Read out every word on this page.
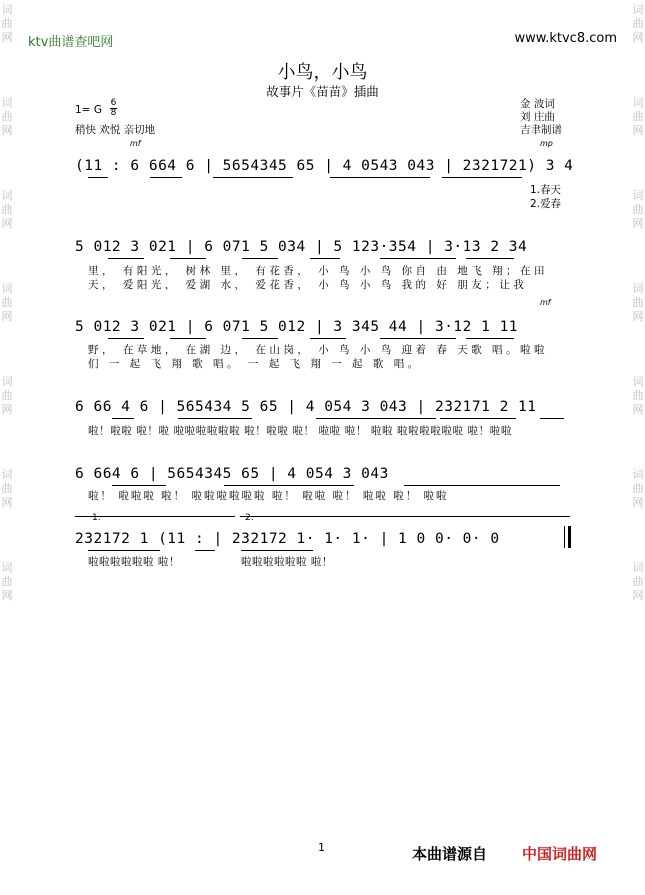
词
曲
网
词
曲
网
词
曲
网
词
曲
网
词
曲
网
词
曲
网
词
曲
网
词
曲
网
词
曲
网
词
曲
网
词
曲
网
词
曲
网
词
曲
网
词
曲
网
ktv曲谱查吧网	www.ktvc8.com
小鸟，小鸟
故事片《苗苗》插曲
1= G
6
8
稍快 欢悦 亲切地
mf
金 波词
刘 庄曲
吉聿制谱
mp
(11 : 6 664 6 | 5654345 65 | 4 0543 043 | 2321721) 3 4
1.春天
2.爱春
5 012 3 021 | 6 071 5 034 | 5 123·354 | 3·13 2 34
里， 有阳光， 树林 里， 有花香， 小 鸟 小 鸟 你自 由 地飞 翔；在田
天， 爱阳光， 爱湖 水， 爱花香， 小 鸟 小 鸟 我的 好 朋友；让我
mf
5 012 3 021 | 6 071 5 012 | 3 345 44 | 3·12 1 11
野， 在草地， 在湖 边， 在山岗， 小 鸟 小 鸟 迎着 春 天歌 唱。啦啦
们 一 起 飞 翔 歌 唱。 一 起 飞 翔 一 起 歌 唱。
6 66 4 6 | 565434 5 65 | 4 054 3 043 | 232171 2 11
啦！啦啦 啦！啦 啦啦啦啦啦啦 啦！啦啦 啦！ 啦啦 啦！ 啦啦 啦啦啦啦啦啦 啦！啦啦
6 664 6 | 5654345 65 | 4 054 3 043
啦！ 啦啦啦 啦！ 啦啦啦啦啦啦 啦！ 啦啦 啦！ 啦啦 啦！ 啦啦
1.	2.
232172 1 (11 : | 232172 1· 1· 1· | 1 0 0· 0· 0
啦啦啦啦啦啦 啦！	啦啦啦啦啦啦 啦！
1	本曲谱源自 中国词曲网
